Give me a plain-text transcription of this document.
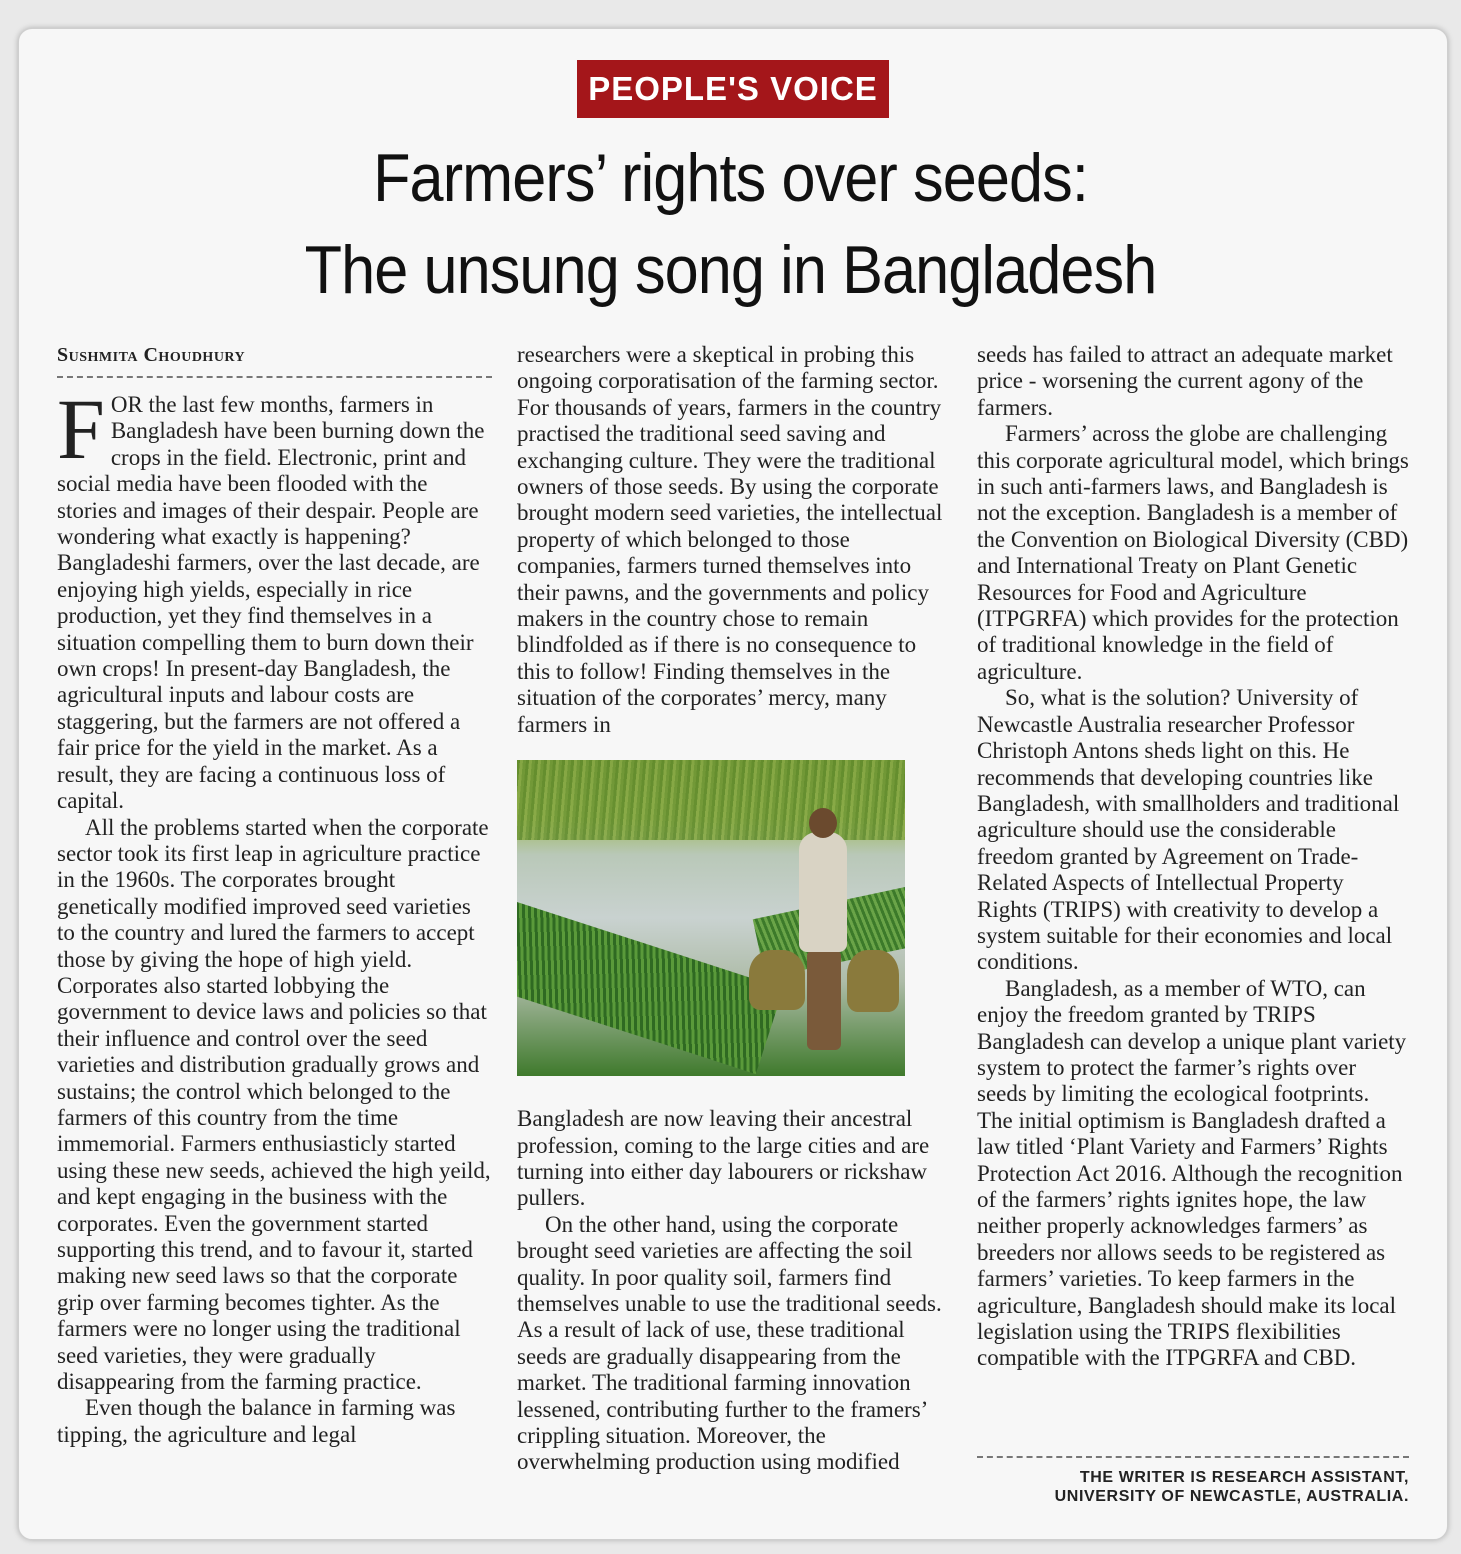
PEOPLE'S VOICE
Farmers’ rights over seeds:
The unsung song in Bangladesh
Sushmita Choudhury

FOR the last few months, farmers in Bangladesh have been burning down the crops in the field. Electronic, print and social media have been flooded with the stories and images of their despair. People are wondering what exactly is happening? Bangladeshi farmers, over the last decade, are enjoying high yields, especially in rice production, yet they find themselves in a situation compelling them to burn down their own crops! In present-day Bangladesh, the agricultural inputs and labour costs are staggering, but the farmers are not offered a fair price for the yield in the market. As a result, they are facing a continuous loss of capital.

All the problems started when the corporate sector took its first leap in agriculture practice in the 1960s. The corporates brought genetically modified improved seed varieties to the country and lured the farmers to accept those by giving the hope of high yield. Corporates also started lobbying the government to device laws and policies so that their influence and control over the seed varieties and distribution gradually grows and sustains; the control which belonged to the farmers of this country from the time immemorial. Farmers enthusiasticly started using these new seeds, achieved the high yeild, and kept engaging in the business with the corporates. Even the government started supporting this trend, and to favour it, started making new seed laws so that the corporate grip over farming becomes tighter. As the farmers were no longer using the traditional seed varieties, they were gradually disappearing from the farming practice.

Even though the balance in farming was tipping, the agriculture and legal

researchers were a skeptical in probing this ongoing corporatisation of the farming sector. For thousands of years, farmers in the country practised the traditional seed saving and exchanging culture. They were the traditional owners of those seeds. By using the corporate brought modern seed varieties, the intellectual property of which belonged to those companies, farmers turned themselves into their pawns, and the governments and policy makers in the country chose to remain blindfolded as if there is no consequence to this to follow! Finding themselves in the situation of the corporates’ mercy, many farmers in

Bangladesh are now leaving their ancestral profession, coming to the large cities and are turning into either day labourers or rickshaw pullers.

On the other hand, using the corporate brought seed varieties are affecting the soil quality. In poor quality soil, farmers find themselves unable to use the traditional seeds. As a result of lack of use, these traditional seeds are gradually disappearing from the market. The traditional farming innovation lessened, contributing further to the framers’ crippling situation. Moreover, the overwhelming production using modified

seeds has failed to attract an adequate market price - worsening the current agony of the farmers.

Farmers’ across the globe are challenging this corporate agricultural model, which brings in such anti-farmers laws, and Bangladesh is not the exception. Bangladesh is a member of the Convention on Biological Diversity (CBD) and International Treaty on Plant Genetic Resources for Food and Agriculture (ITPGRFA) which provides for the protection of traditional knowledge in the field of agriculture.

So, what is the solution? University of Newcastle Australia researcher Professor Christoph Antons sheds light on this. He recommends that developing countries like Bangladesh, with smallholders and traditional agriculture should use the considerable freedom granted by Agreement on Trade-Related Aspects of Intellectual Property Rights (TRIPS) with creativity to develop a system suitable for their economies and local conditions.

Bangladesh, as a member of WTO, can enjoy the freedom granted by TRIPS Bangladesh can develop a unique plant variety system to protect the farmer’s rights over seeds by limiting the ecological footprints. The initial optimism is Bangladesh drafted a law titled ‘Plant Variety and Farmers’ Rights Protection Act 2016. Although the recognition of the farmers’ rights ignites hope, the law neither properly acknowledges farmers’ as breeders nor allows seeds to be registered as farmers’ varieties. To keep farmers in the agriculture, Bangladesh should make its local legislation using the TRIPS flexibilities compatible with the ITPGRFA and CBD.

THE WRITER IS RESEARCH ASSISTANT,
UNIVERSITY OF NEWCASTLE, AUSTRALIA.
